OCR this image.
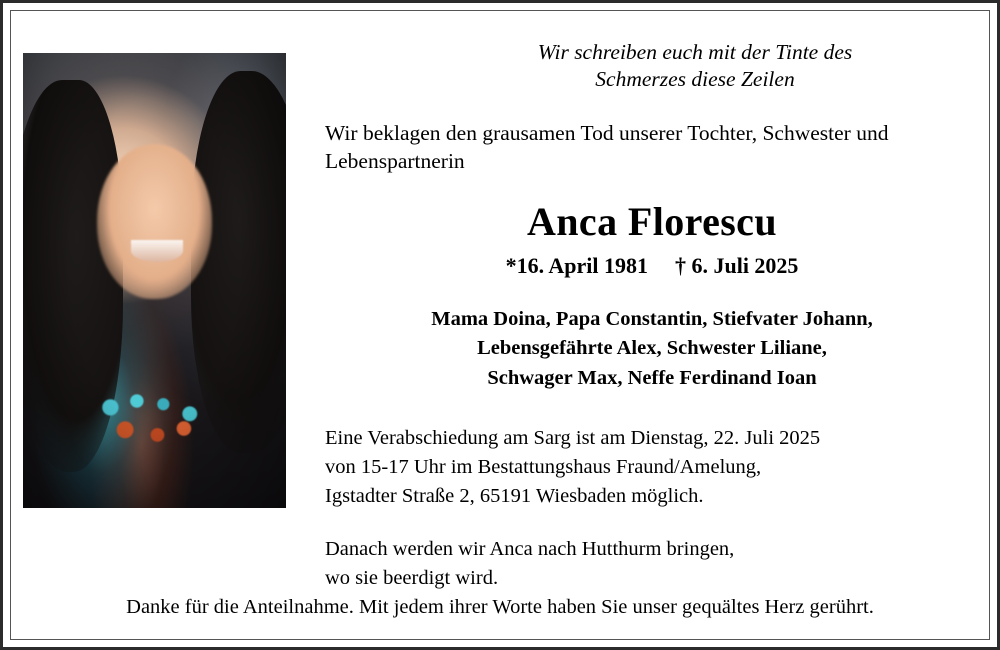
Wir schreiben euch mit der Tinte des
Schmerzes diese Zeilen
Wir beklagen den grausamen Tod unserer Tochter, Schwester und
Lebenspartnerin
Anca Florescu
*16. April 1981 † 6. Juli 2025
Mama Doina, Papa Constantin, Stiefvater Johann,
Lebensgefährte Alex, Schwester Liliane,
Schwager Max, Neffe Ferdinand Ioan
Eine Verabschiedung am Sarg ist am Dienstag, 22. Juli 2025
von 15-17 Uhr im Bestattungshaus Fraund/Amelung,
Igstadter Straße 2, 65191 Wiesbaden möglich.
Danach werden wir Anca nach Hutthurm bringen,
wo sie beerdigt wird.
Danke für die Anteilnahme. Mit jedem ihrer Worte haben Sie unser gequältes Herz gerührt.
